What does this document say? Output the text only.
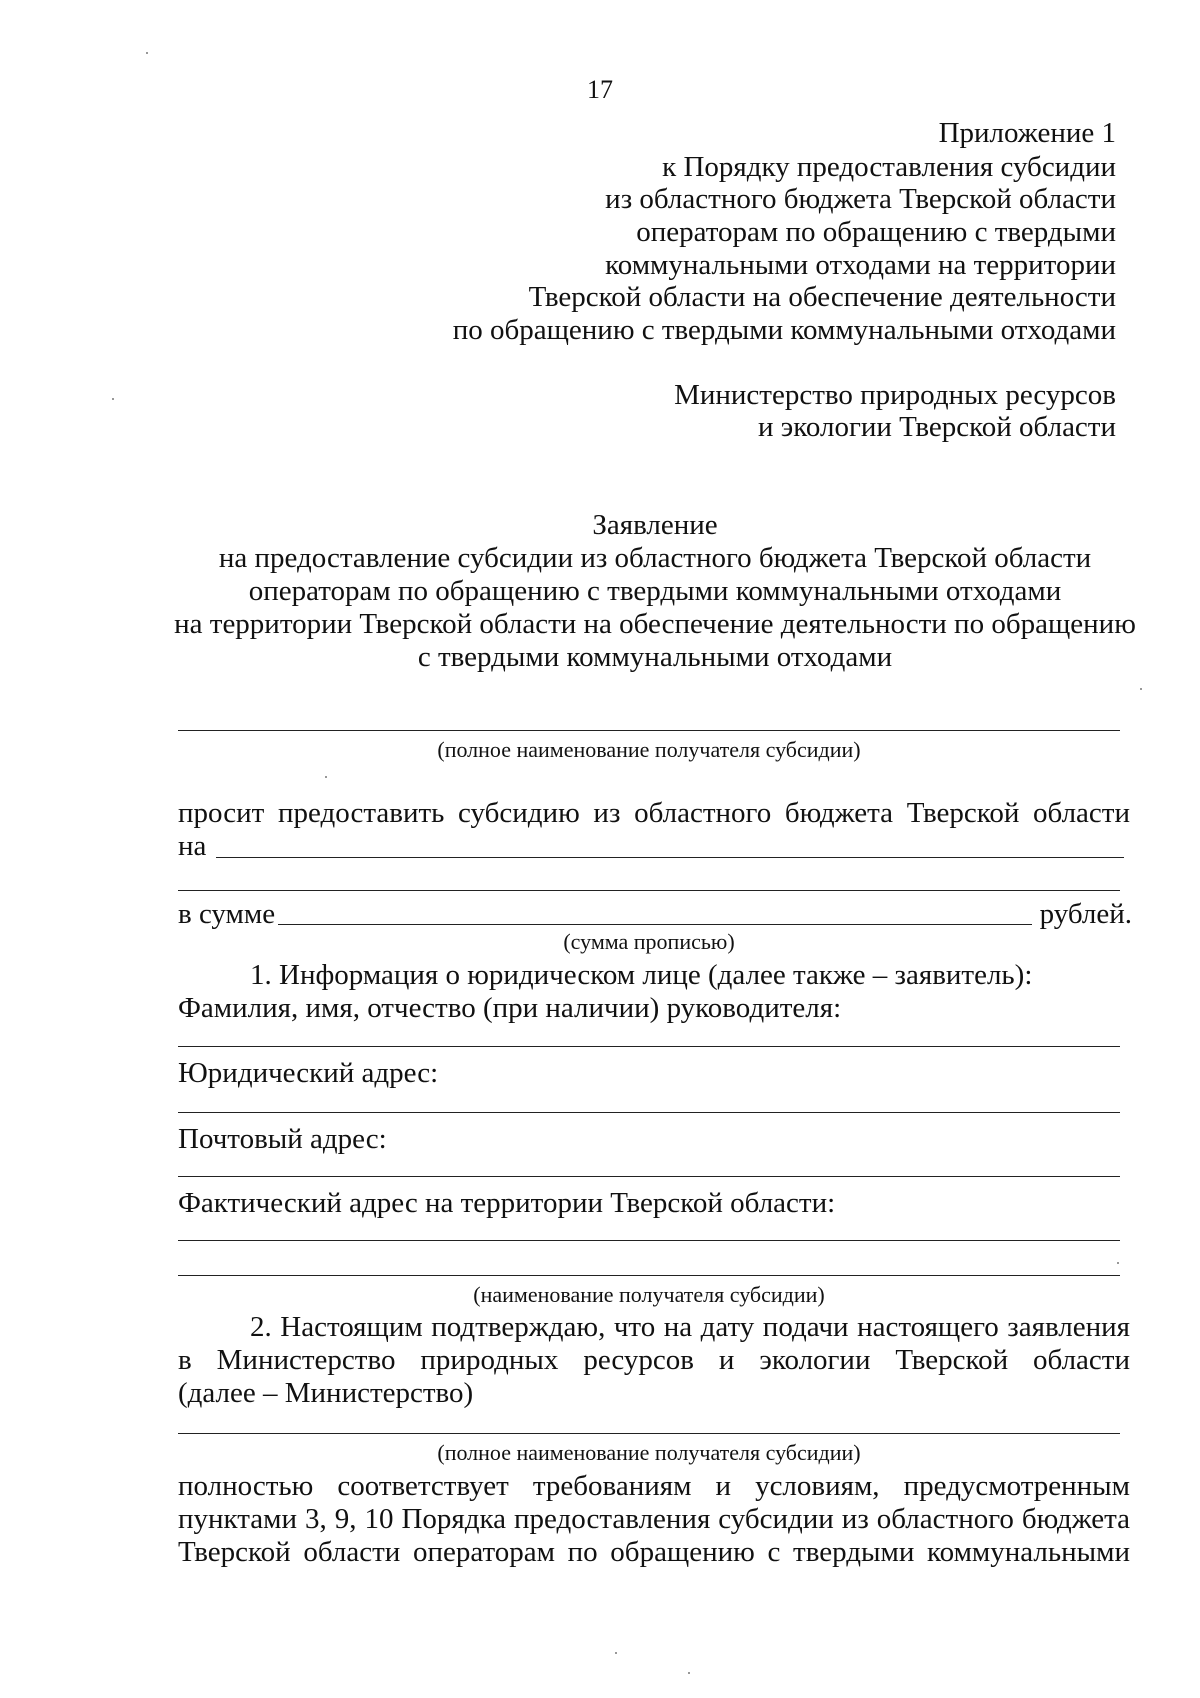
17
Приложение 1
к Порядку предоставления субсидии
из областного бюджета Тверской области
операторам по обращению с твердыми
коммунальными отходами на территории
Тверской области на обеспечение деятельности
по обращению с твердыми коммунальными отходами
Министерство природных ресурсов
и экологии Тверской области
Заявление
на предоставление субсидии из областного бюджета Тверской области
операторам по обращению с твердыми коммунальными отходами
на территории Тверской области на обеспечение деятельности по обращению
с твердыми коммунальными отходами
(полное наименование получателя субсидии)
просит предоставить субсидию из областного бюджета Тверской области
на
в сумме	рублей.
(сумма прописью)
1. Информация о юридическом лице (далее также – заявитель):
Фамилия, имя, отчество (при наличии) руководителя:
Юридический адрес:
Почтовый адрес:
Фактический адрес на территории Тверской области:
(наименование получателя субсидии)
2. Настоящим подтверждаю, что на дату подачи настоящего заявления
в Министерство природных ресурсов и экологии Тверской области
(далее – Министерство)
(полное наименование получателя субсидии)
полностью соответствует требованиям и условиям, предусмотренным
пунктами 3, 9, 10 Порядка предоставления субсидии из областного бюджета
Тверской области операторам по обращению с твердыми коммунальными
